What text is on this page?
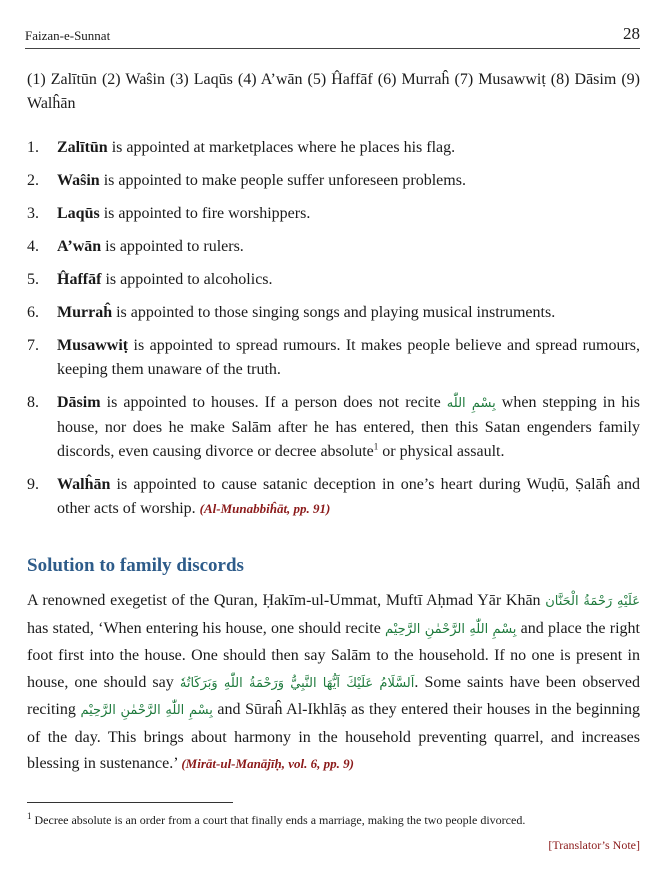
Faizan-e-Sunnat	28
(1) Zalītūn (2) Waŝin (3) Laqūs (4) A’wān (5) Ĥaffāf (6) Murraĥ (7) Musawwiṭ (8) Dāsim (9) Walĥān
1.	Zalītūn is appointed at marketplaces where he places his flag.
2.	Waŝin is appointed to make people suffer unforeseen problems.
3.	Laqūs is appointed to fire worshippers.
4.	A’wān is appointed to rulers.
5.	Ĥaffāf is appointed to alcoholics.
6.	Murraĥ is appointed to those singing songs and playing musical instruments.
7.	Musawwiṭ is appointed to spread rumours. It makes people believe and spread rumours, keeping them unaware of the truth.
8.	Dāsim is appointed to houses. If a person does not recite بِسْمِ اللّٰه when stepping in his house, nor does he make Salām after he has entered, then this Satan engenders family discords, even causing divorce or decree absolute$^1$ or physical assault.
9.	Walĥān is appointed to cause satanic deception in one’s heart during Wuḍū, Ṣalāĥ and other acts of worship. (Al-Munabbiĥāt, pp. 91)
Solution to family discords
A renowned exegetist of the Quran, Ḥakīm-ul-Ummat, Muftī Aḥmad Yār Khān عَلَيْهِ رَحْمَةُ الْحَنَّان has stated, ‘When entering his house, one should recite بِسْمِ اللّٰهِ الرَّحْمٰنِ الرَّحِيْم and place the right foot first into the house. One should then say Salām to the household. If no one is present in house, one should say اَلسَّلَامُ عَلَيْكَ اَيُّهَا النَّبِيُّ وَرَحْمَةُ اللّٰهِ وَبَرَكَاتُهٗ. Some saints have been observed reciting بِسْمِ اللّٰهِ الرَّحْمٰنِ الرَّحِيْم and Sūraĥ Al-Ikhlāṣ as they entered their houses in the beginning of the day. This brings about harmony in the household preventing quarrel, and increases blessing in sustenance.’ (Mirāt-ul-Manājīḥ, vol. 6, pp. 9)
$^1$ Decree absolute is an order from a court that finally ends a marriage, making the two people divorced.
[Translator’s Note]
